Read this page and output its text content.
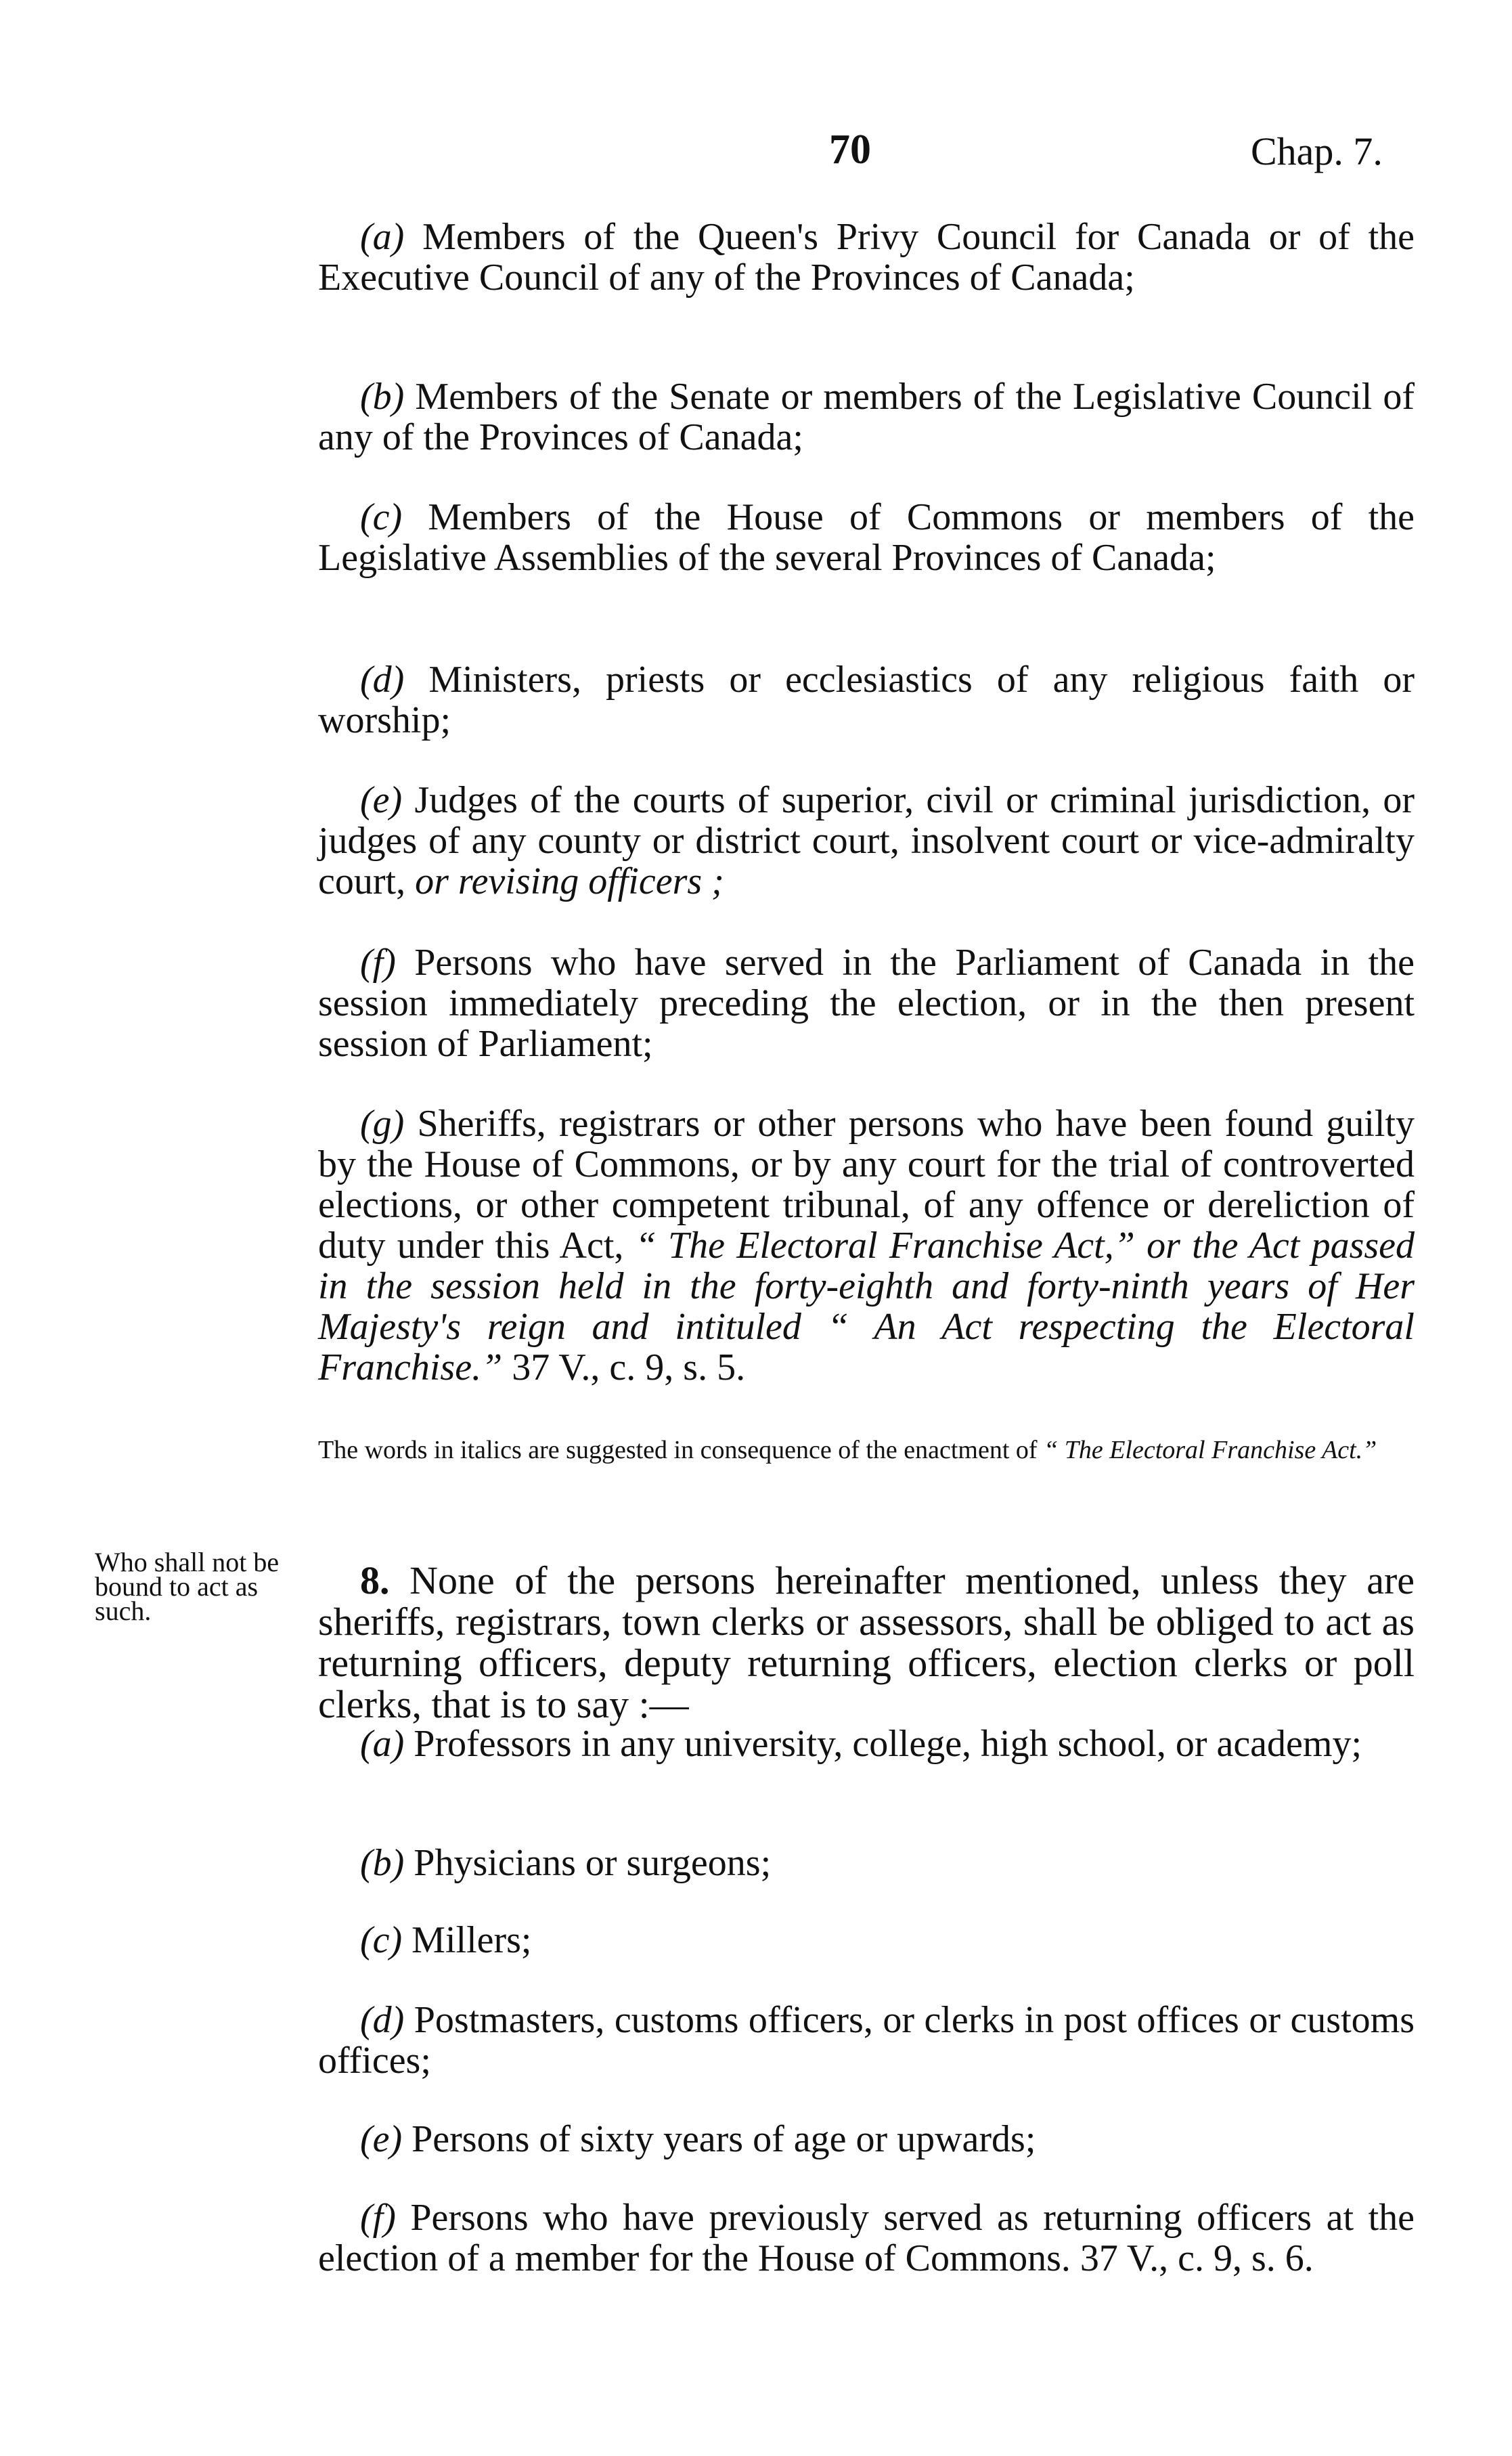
70	Chap. 7.

(a) Members of the Queen's Privy Council for Canada or of the Executive Council of any of the Provinces of Canada;

(b) Members of the Senate or members of the Legislative Council of any of the Provinces of Canada;

(c) Members of the House of Commons or members of the Legislative Assemblies of the several Provinces of Canada;

(d) Ministers, priests or ecclesiastics of any religious faith or worship;

(e) Judges of the courts of superior, civil or criminal jurisdiction, or judges of any county or district court, insolvent court or vice-admiralty court, or revising officers ;

(f) Persons who have served in the Parliament of Canada in the session immediately preceding the election, or in the then present session of Parliament;

(g) Sheriffs, registrars or other persons who have been found guilty by the House of Commons, or by any court for the trial of controverted elections, or other competent tribunal, of any offence or dereliction of duty under this Act, “ The Electoral Franchise Act,” or the Act passed in the session held in the forty-eighth and forty-ninth years of Her Majesty's reign and intituled “ An Act respecting the Electoral Franchise.” 37 V., c. 9, s. 5.

The words in italics are suggested in consequence of the enactment of “ The Electoral Franchise Act.”
Who shall not be bound to act as such.

8. None of the persons hereinafter mentioned, unless they are sheriffs, registrars, town clerks or assessors, shall be obliged to act as returning officers, deputy returning officers, election clerks or poll clerks, that is to say :—

(a) Professors in any university, college, high school, or academy;

(b) Physicians or surgeons;

(c) Millers;

(d) Postmasters, customs officers, or clerks in post offices or customs offices;

(e) Persons of sixty years of age or upwards;

(f) Persons who have previously served as returning officers at the election of a member for the House of Commons. 37 V., c. 9, s. 6.
